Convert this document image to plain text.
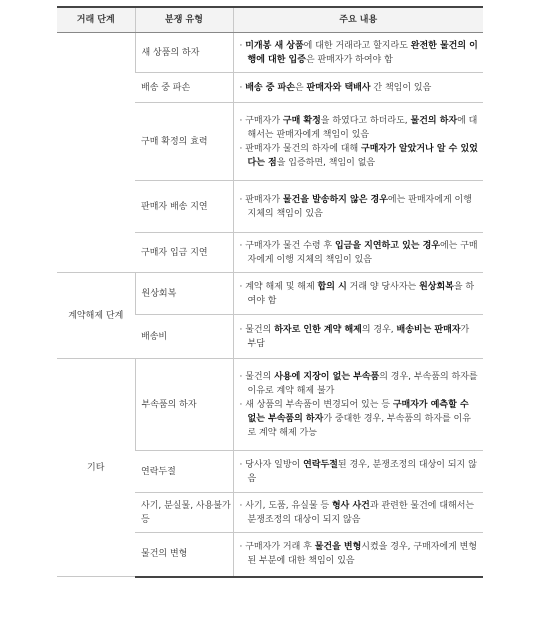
거래 단계	분쟁 유형	주요 내용
	새 상품의 하자	· 미개봉 새 상품에 대한 거래라고 할지라도 완전한 물건의 이행에 대한 입증은 판매자가 하여야 함

	배송 중 파손	· 배송 중 파손은 판매자와 택배사 간 책임이 있음

	구매 확정의 효력	· 구매자가 구매 확정을 하였다고 하더라도, 물건의 하자에 대해서는 판매자에게 책임이 있음
· 판매자가 물건의 하자에 대해 구매자가 알았거나 알 수 있었다는 점을 입증하면, 책임이 없음

	판매자 배송 지연	· 판매자가 물건을 발송하지 않은 경우에는 판매자에게 이행 지체의 책임이 있음

	구매자 입금 지연	· 구매자가 물건 수령 후 입금을 지연하고 있는 경우에는 구매자에게 이행 지체의 책임이 있음

계약해제 단계	원상회복	· 계약 해제 및 해제 합의 시 거래 양 당사자는 원상회복을 하여야 함

	배송비	· 물건의 하자로 인한 계약 해제의 경우, 배송비는 판매자가 부담

기타	부속품의 하자	· 물건의 사용에 지장이 없는 부속품의 경우, 부속품의 하자를 이유로 계약 해제 불가
· 새 상품의 부속품이 변경되어 있는 등 구매자가 예측할 수 없는 부속품의 하자가 중대한 경우, 부속품의 하자를 이유로 계약 해제 가능

	연락두절	· 당사자 일방이 연락두절된 경우, 분쟁조정의 대상이 되지 않음

	사기, 분실물, 사용불가 등	· 사기, 도품, 유실물 등 형사 사건과 관련한 물건에 대해서는 분쟁조정의 대상이 되지 않음

	물건의 변형	· 구매자가 거래 후 물건을 변형시켰을 경우, 구매자에게 변형된 부분에 대한 책임이 있음
